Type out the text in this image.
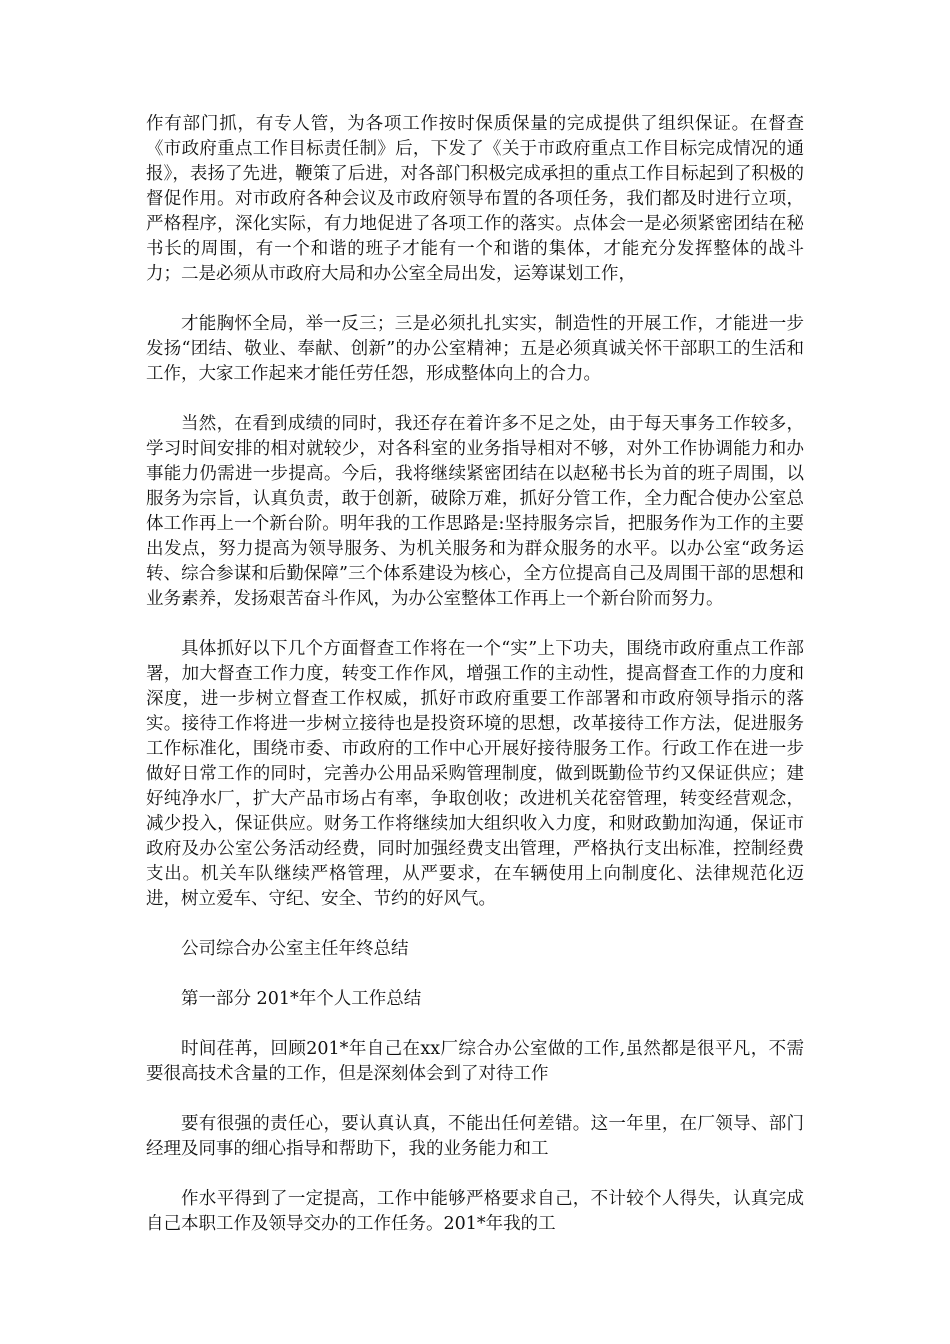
作有部门抓，有专人管，为各项工作按时保质保量的完成提供了组织保证。在督查《市政府重点工作目标责任制》后，下发了《关于市政府重点工作目标完成情况的通报》，表扬了先进，鞭策了后进，对各部门积极完成承担的重点工作目标起到了积极的督促作用。对市政府各种会议及市政府领导布置的各项任务，我们都及时进行立项，严格程序，深化实际，有力地促进了各项工作的落实。点体会一是必须紧密团结在秘书长的周围，有一个和谐的班子才能有一个和谐的集体，才能充分发挥整体的战斗力；二是必须从市政府大局和办公室全局出发，运筹谋划工作，

才能胸怀全局，举一反三；三是必须扎扎实实，制造性的开展工作，才能进一步发扬“团结、敬业、奉献、创新”的办公室精神；五是必须真诚关怀干部职工的生活和工作，大家工作起来才能任劳任怨，形成整体向上的合力。

当然，在看到成绩的同时，我还存在着许多不足之处，由于每天事务工作较多，学习时间安排的相对就较少，对各科室的业务指导相对不够，对外工作协调能力和办事能力仍需进一步提高。今后，我将继续紧密团结在以赵秘书长为首的班子周围，以服务为宗旨，认真负责，敢于创新，破除万难，抓好分管工作，全力配合使办公室总体工作再上一个新台阶。明年我的工作思路是:坚持服务宗旨，把服务作为工作的主要出发点，努力提高为领导服务、为机关服务和为群众服务的水平。以办公室“政务运转、综合参谋和后勤保障”三个体系建设为核心，全方位提高自己及周围干部的思想和业务素养，发扬艰苦奋斗作风，为办公室整体工作再上一个新台阶而努力。

具体抓好以下几个方面督查工作将在一个“实”上下功夫，围绕市政府重点工作部署，加大督查工作力度，转变工作作风，增强工作的主动性，提高督查工作的力度和深度，进一步树立督查工作权威，抓好市政府重要工作部署和市政府领导指示的落实。接待工作将进一步树立接待也是投资环境的思想，改革接待工作方法，促进服务工作标准化，围绕市委、市政府的工作中心开展好接待服务工作。行政工作在进一步做好日常工作的同时，完善办公用品采购管理制度，做到既勤俭节约又保证供应；建好纯净水厂，扩大产品市场占有率，争取创收；改进机关花窑管理，转变经营观念，减少投入，保证供应。财务工作将继续加大组织收入力度，和财政勤加沟通，保证市政府及办公室公务活动经费，同时加强经费支出管理，严格执行支出标准，控制经费支出。机关车队继续严格管理，从严要求，在车辆使用上向制度化、法律规范化迈进，树立爱车、守纪、安全、节约的好风气。

公司综合办公室主任年终总结

第一部分 201*年个人工作总结

时间荏苒，回顾201*年自己在xx厂综合办公室做的工作,虽然都是很平凡，不需要很高技术含量的工作，但是深刻体会到了对待工作

要有很强的责任心，要认真认真，不能出任何差错。这一年里，在厂领导、部门经理及同事的细心指导和帮助下，我的业务能力和工

作水平得到了一定提高，工作中能够严格要求自己，不计较个人得失，认真完成自己本职工作及领导交办的工作任务。201*年我的工
